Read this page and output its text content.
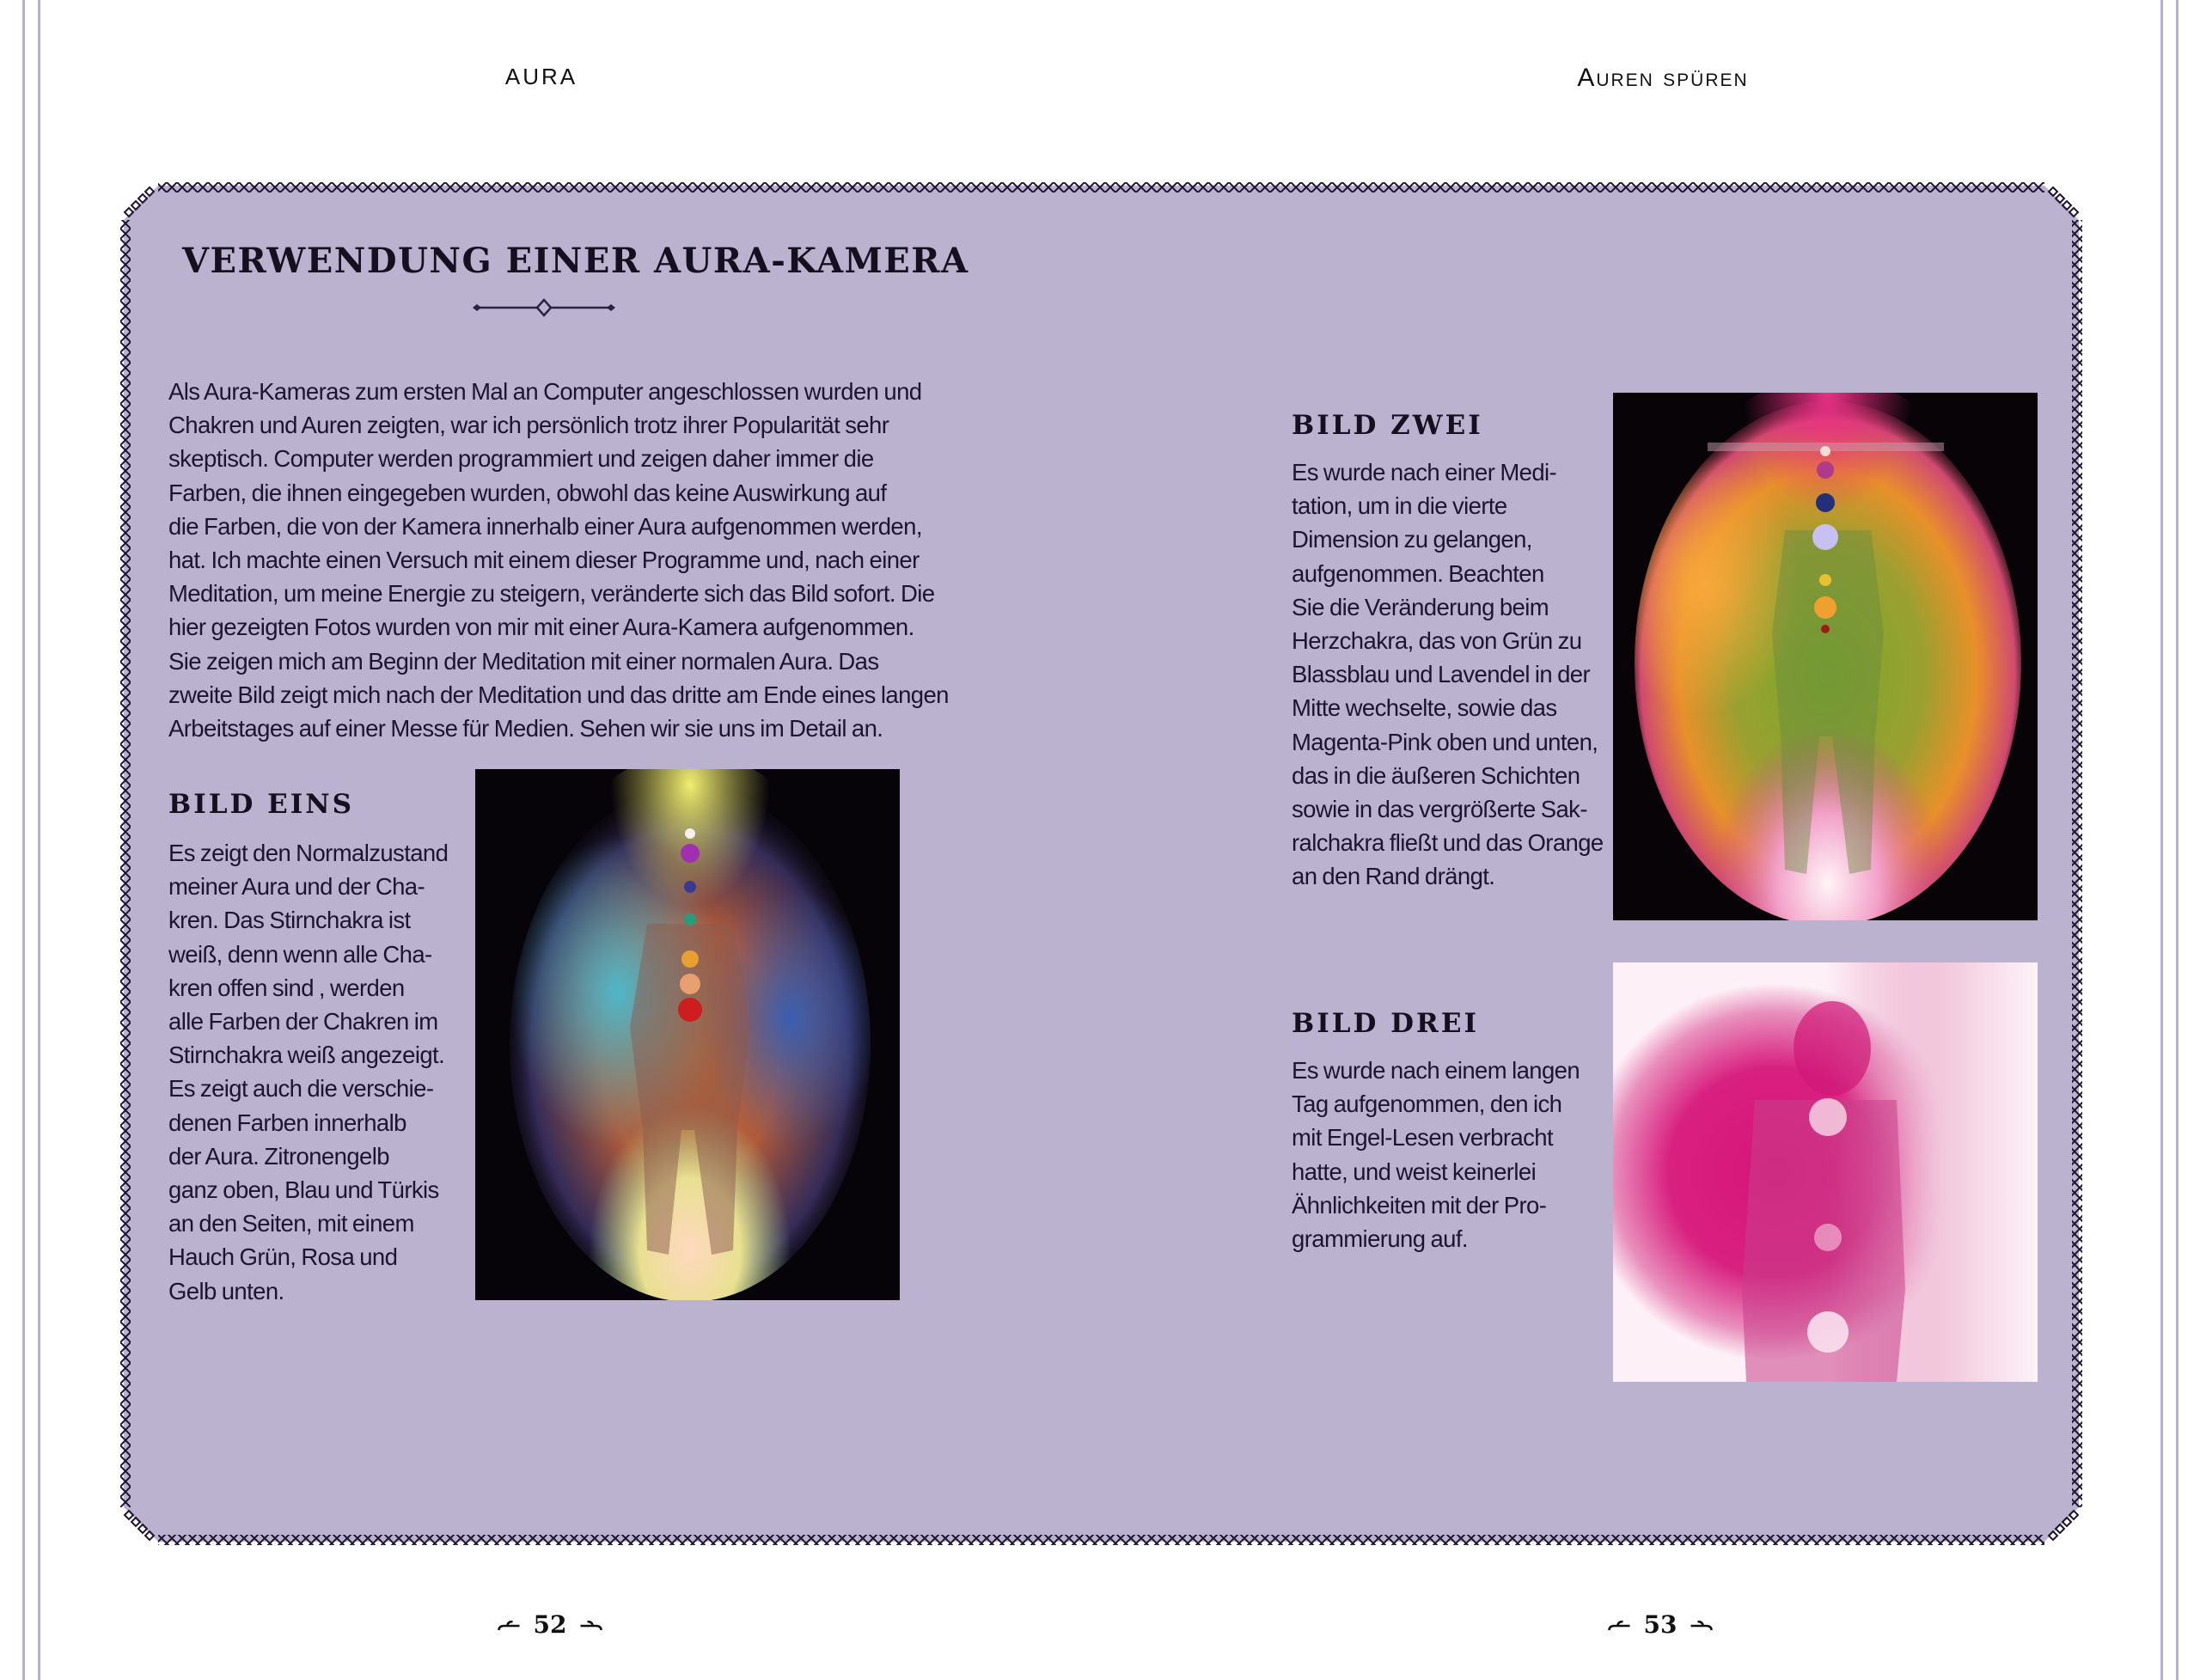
AURA	Auren spüren
VERWENDUNG EINER AURA-KAMERA
Als Aura-Kameras zum ersten Mal an Computer angeschlossen wurden und
Chakren und Auren zeigten, war ich persönlich trotz ihrer Popularität sehr
skeptisch. Computer werden programmiert und zeigen daher immer die
Farben, die ihnen eingegeben wurden, obwohl das keine Auswirkung auf
die Farben, die von der Kamera innerhalb einer Aura aufgenommen werden,
hat. Ich machte einen Versuch mit einem dieser Programme und, nach einer
Meditation, um meine Energie zu steigern, veränderte sich das Bild sofort. Die
hier gezeigten Fotos wurden von mir mit einer Aura-Kamera aufgenommen.
Sie zeigen mich am Beginn der Meditation mit einer normalen Aura. Das
zweite Bild zeigt mich nach der Meditation und das dritte am Ende eines langen
Arbeitstages auf einer Messe für Medien. Sehen wir sie uns im Detail an.
BILD EINS
Es zeigt den Normalzustand
meiner Aura und der Cha-
kren. Das Stirnchakra ist
weiß, denn wenn alle Cha-
kren offen sind , werden
alle Farben der Chakren im
Stirnchakra weiß angezeigt.
Es zeigt auch die verschie-
denen Farben innerhalb
der Aura. Zitronengelb
ganz oben, Blau und Türkis
an den Seiten, mit einem
Hauch Grün, Rosa und
Gelb unten.
BILD ZWEI
Es wurde nach einer Medi-
tation, um in die vierte
Dimension zu gelangen,
aufgenommen. Beachten
Sie die Veränderung beim
Herzchakra, das von Grün zu
Blassblau und Lavendel in der
Mitte wechselte, sowie das
Magenta-Pink oben und unten,
das in die äußeren Schichten
sowie in das vergrößerte Sak-
ralchakra fließt und das Orange
an den Rand drängt.
BILD DREI
Es wurde nach einem langen
Tag aufgenommen, den ich
mit Engel-Lesen verbracht
hatte, und weist keinerlei
Ähnlichkeiten mit der Pro-
grammierung auf.
52	53
